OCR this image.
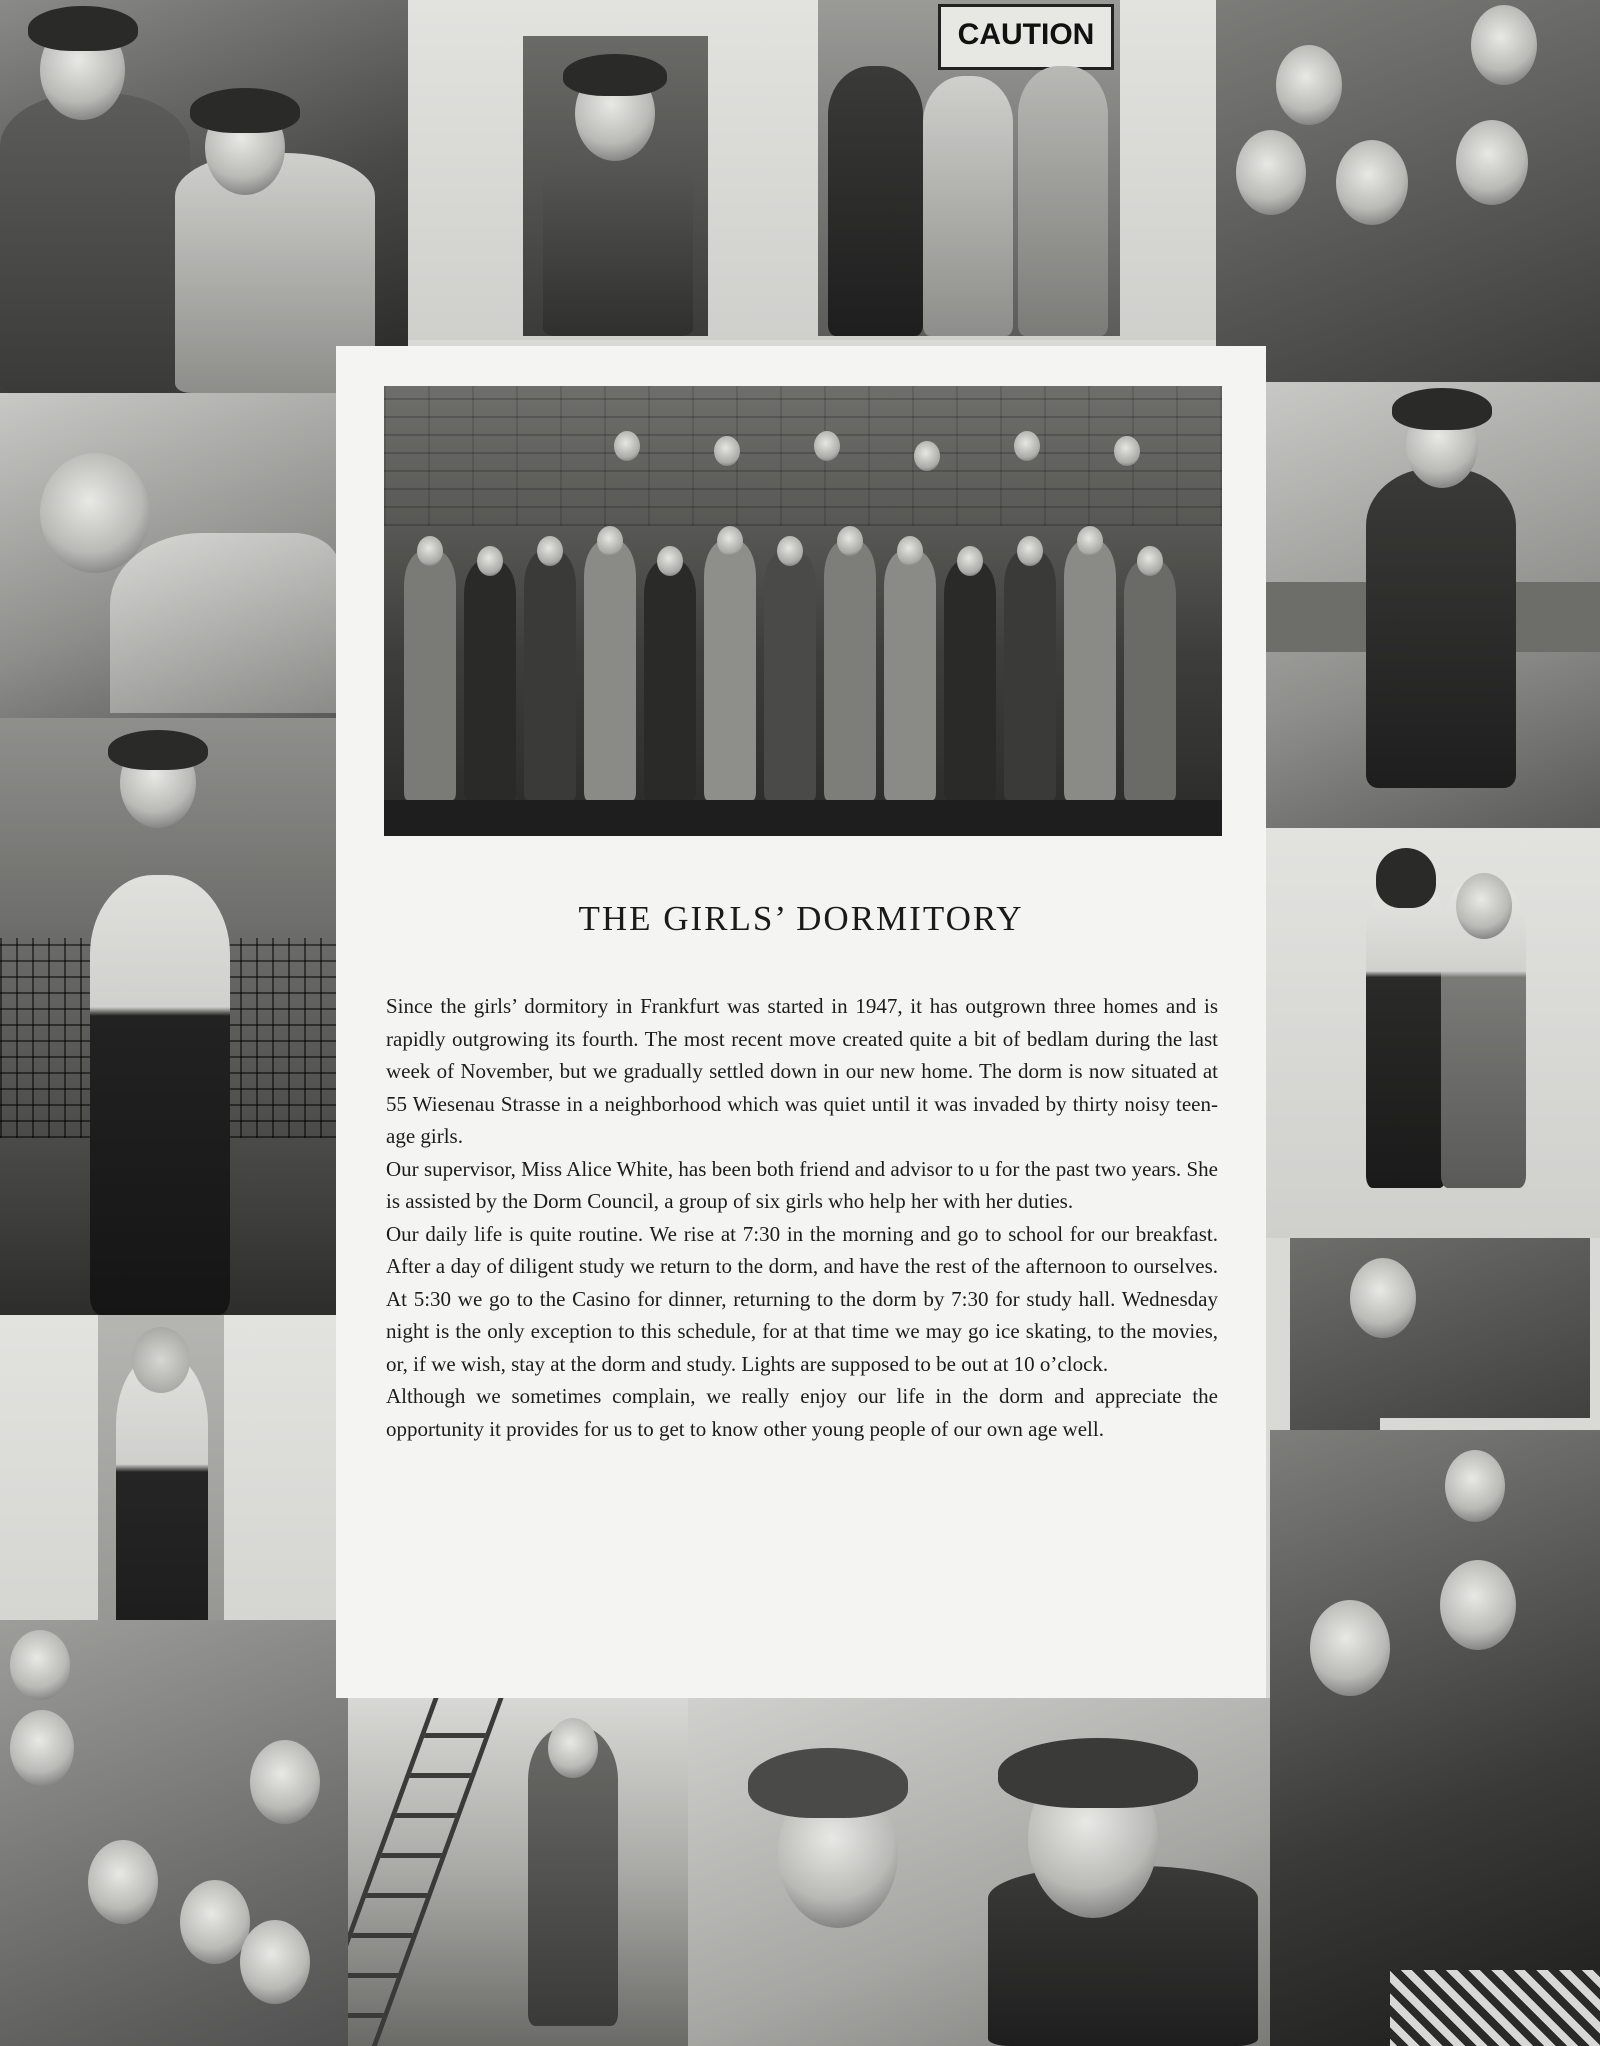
CAUTION
THE GIRLS’ DORMITORY

Since the girls’ dormitory in Frankfurt was started in 1947, it has outgrown three homes and is rapidly outgrowing its fourth. The most recent move created quite a bit of bedlam during the last week of November, but we gradually settled down in our new home. The dorm is now situated at 55 Wiesenau Strasse in a neighborhood which was quiet until it was invaded by thirty noisy teen-age girls.

Our supervisor, Miss Alice White, has been both friend and advisor to u for the past two years. She is assisted by the Dorm Council, a group of six girls who help her with her duties.

Our daily life is quite routine. We rise at 7:30 in the morning and go to school for our breakfast. After a day of diligent study we return to the dorm, and have the rest of the afternoon to ourselves. At 5:30 we go to the Casino for dinner, returning to the dorm by 7:30 for study hall. Wednesday night is the only exception to this schedule, for at that time we may go ice skating, to the movies, or, if we wish, stay at the dorm and study. Lights are supposed to be out at 10 o’clock.

Although we sometimes complain, we really enjoy our life in the dorm and appreciate the opportunity it provides for us to get to know other young people of our own age well.
